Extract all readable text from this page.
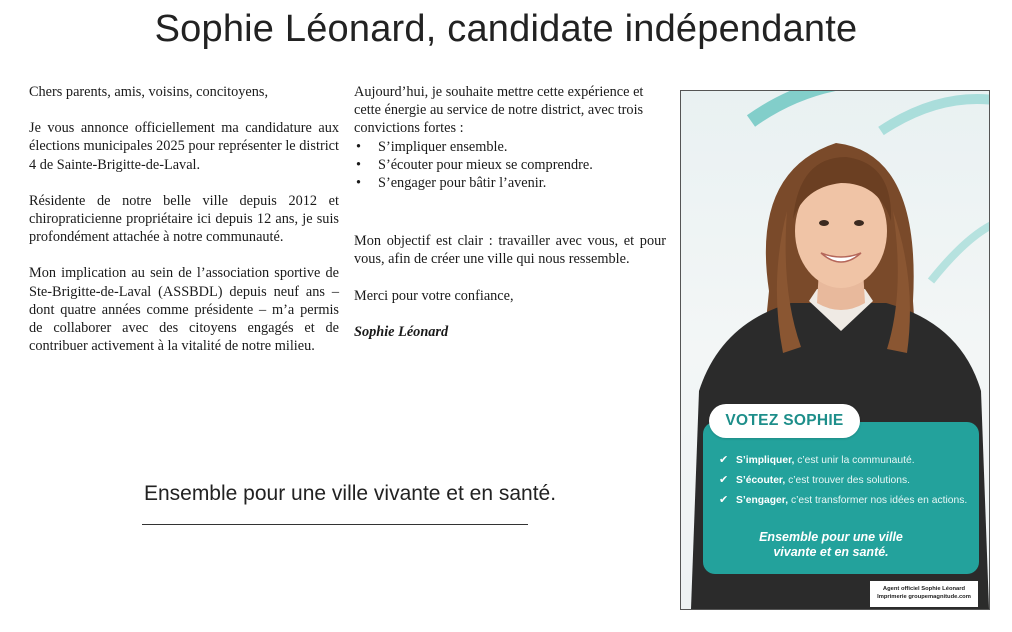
Sophie Léonard, candidate indépendante

Chers parents, amis, voisins, concitoyens,

Je vous annonce officiellement ma candidature aux élections municipales 2025 pour représenter le district 4 de Sainte-Brigitte-de-Laval.

Résidente de notre belle ville depuis 2012 et chiropraticienne propriétaire ici depuis 12 ans, je suis profondément attachée à notre communauté.

Mon implication au sein de l’association sportive de Ste-Brigitte-de-Laval (ASSBDL) depuis neuf ans – dont quatre années comme présidente – m’a permis de collaborer avec des citoyens engagés et de contribuer activement à la vitalité de notre milieu.

Aujourd’hui, je souhaite mettre cette expérience et cette énergie au service de notre district, avec trois convictions fortes :

• S’impliquer ensemble.
• S’écouter pour mieux se comprendre.
• S’engager pour bâtir l’avenir.

Mon objectif est clair : travailler avec vous, et pour vous, afin de créer une ville qui nous ressemble.

Merci pour votre confiance,

Sophie Léonard

Ensemble pour une ville vivante et en santé.
VOTEZ SOPHIE
✔ S’impliquer, c’est unir la communauté.
✔ S’écouter, c’est trouver des solutions.
✔ S’engager, c’est transformer nos idées en actions.
Ensemble pour une ville
vivante et en santé.
Agent officiel Sophie Léonard
Imprimerie groupemagnitude.com
